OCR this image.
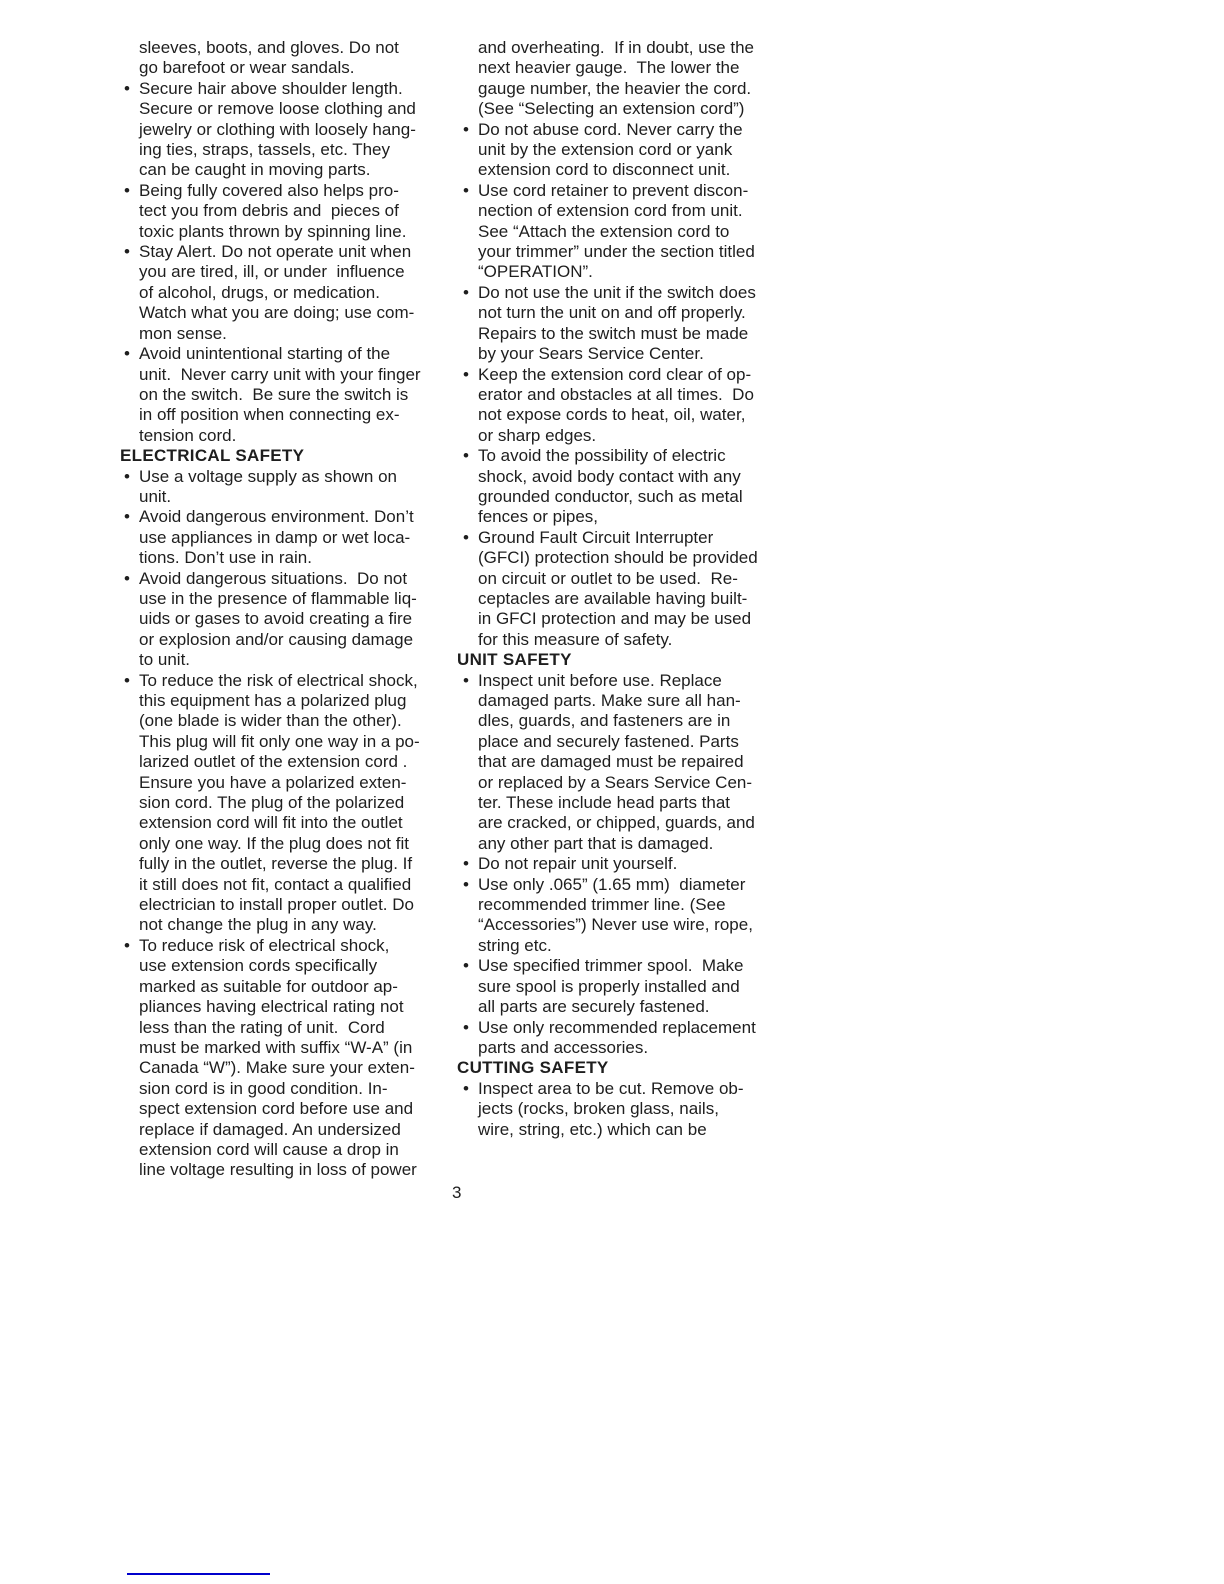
sleeves, boots, and gloves. Do not
go barefoot or wear sandals.
• Secure hair above shoulder length.
Secure or remove loose clothing and
jewelry or clothing with loosely hang-
ing ties, straps, tassels, etc. They
can be caught in moving parts.
• Being fully covered also helps pro-
tect you from debris and  pieces of
toxic plants thrown by spinning line.
• Stay Alert. Do not operate unit when
you are tired, ill, or under  influence
of alcohol, drugs, or medication.
Watch what you are doing; use com-
mon sense.
• Avoid unintentional starting of the
unit.  Never carry unit with your finger
on the switch.  Be sure the switch is
in off position when connecting ex-
tension cord.
ELECTRICAL SAFETY
• Use a voltage supply as shown on
unit.
• Avoid dangerous environment. Don’t
use appliances in damp or wet loca-
tions. Don’t use in rain.
• Avoid dangerous situations.  Do not
use in the presence of flammable liq-
uids or gases to avoid creating a fire
or explosion and/or causing damage
to unit.
• To reduce the risk of electrical shock,
this equipment has a polarized plug
(one blade is wider than the other).
This plug will fit only one way in a po-
larized outlet of the extension cord .
Ensure you have a polarized exten-
sion cord. The plug of the polarized
extension cord will fit into the outlet
only one way. If the plug does not fit
fully in the outlet, reverse the plug. If
it still does not fit, contact a qualified
electrician to install proper outlet. Do
not change the plug in any way.
• To reduce risk of electrical shock,
use extension cords specifically
marked as suitable for outdoor ap-
pliances having electrical rating not
less than the rating of unit.  Cord
must be marked with suffix “W-A” (in
Canada “W”). Make sure your exten-
sion cord is in good condition. In-
spect extension cord before use and
replace if damaged. An undersized
extension cord will cause a drop in
line voltage resulting in loss of power
and overheating.  If in doubt, use the
next heavier gauge.  The lower the
gauge number, the heavier the cord.
(See “Selecting an extension cord”)
• Do not abuse cord. Never carry the
unit by the extension cord or yank
extension cord to disconnect unit.
• Use cord retainer to prevent discon-
nection of extension cord from unit.
See “Attach the extension cord to
your trimmer” under the section titled
“OPERATION”.
• Do not use the unit if the switch does
not turn the unit on and off properly.
Repairs to the switch must be made
by your Sears Service Center.
• Keep the extension cord clear of op-
erator and obstacles at all times.  Do
not expose cords to heat, oil, water,
or sharp edges.
• To avoid the possibility of electric
shock, avoid body contact with any
grounded conductor, such as metal
fences or pipes,
• Ground Fault Circuit Interrupter
(GFCI) protection should be provided
on circuit or outlet to be used.  Re-
ceptacles are available having built-
in GFCI protection and may be used
for this measure of safety.
UNIT SAFETY
• Inspect unit before use. Replace
damaged parts. Make sure all han-
dles, guards, and fasteners are in
place and securely fastened. Parts
that are damaged must be repaired
or replaced by a Sears Service Cen-
ter. These include head parts that
are cracked, or chipped, guards, and
any other part that is damaged.
• Do not repair unit yourself.
• Use only .065” (1.65 mm)  diameter
recommended trimmer line. (See
“Accessories”) Never use wire, rope,
string etc.
• Use specified trimmer spool.  Make
sure spool is properly installed and
all parts are securely fastened.
• Use only recommended replacement
parts and accessories.
CUTTING SAFETY
• Inspect area to be cut. Remove ob-
jects (rocks, broken glass, nails,
wire, string, etc.) which can be
3
